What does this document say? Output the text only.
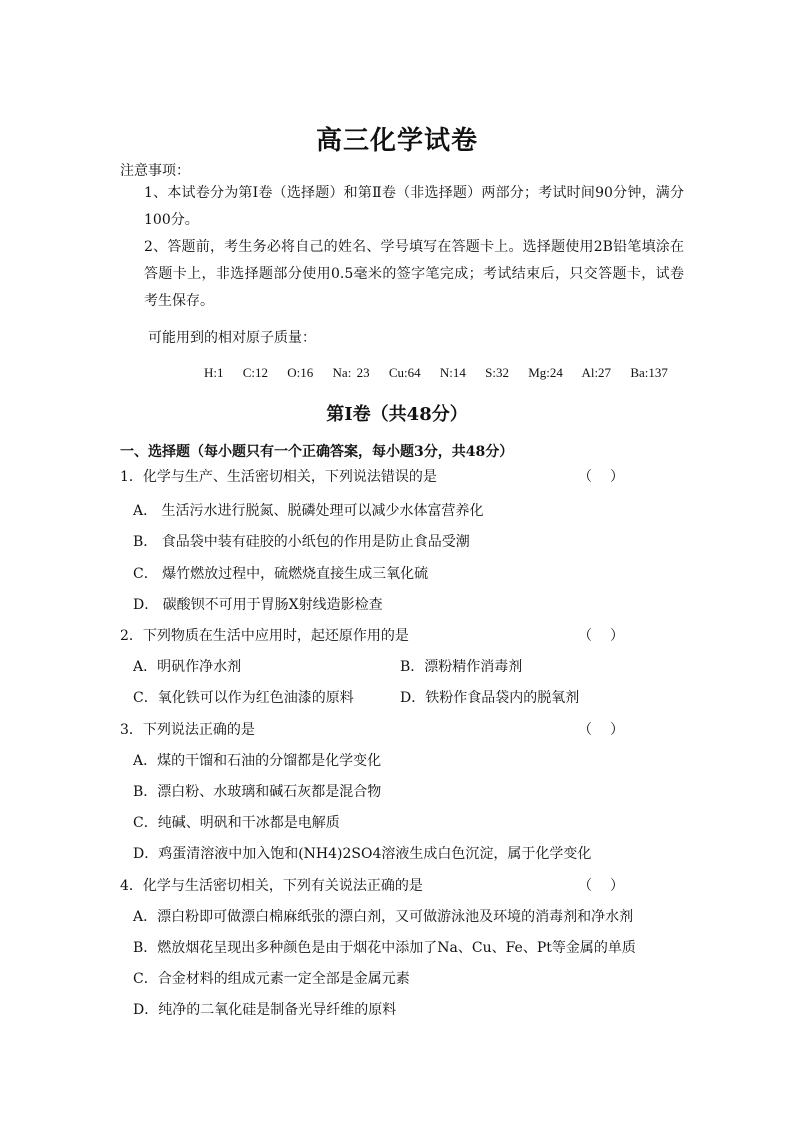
高三化学试卷
注意事项：
1、本试卷分为第Ⅰ卷（选择题）和第Ⅱ卷（非选择题）两部分；考试时间90分钟，满分100分。
2、答题前，考生务必将自己的姓名、学号填写在答题卡上。选择题使用2B铅笔填涂在答题卡上，非选择题部分使用0.5毫米的签字笔完成；考试结束后，只交答题卡，试卷考生保存。
可能用到的相对原子质量：
H:1 C:12 O:16 Na: 23 Cu:64 N:14 S:32 Mg:24 Al:27 Ba:137
第Ⅰ卷（共48分）
一、选择题（每小题只有一个正确答案，每小题3分，共48分）
1．化学与生产、生活密切相关，下列说法错误的是	（）
A． 生活污水进行脱氮、脱磷处理可以减少水体富营养化
B． 食品袋中装有硅胶的小纸包的作用是防止食品受潮
C． 爆竹燃放过程中，硫燃烧直接生成三氧化硫
D． 碳酸钡不可用于胃肠X射线造影检查
2．下列物质在生活中应用时，起还原作用的是	（）
A．明矾作净水剂	B．漂粉精作消毒剂
C．氧化铁可以作为红色油漆的原料	D．铁粉作食品袋内的脱氧剂
3．下列说法正确的是	（）
A．煤的干馏和石油的分馏都是化学变化
B．漂白粉、水玻璃和碱石灰都是混合物
C．纯碱、明矾和干冰都是电解质
D．鸡蛋清溶液中加入饱和(NH4)2SO4溶液生成白色沉淀，属于化学变化
4．化学与生活密切相关，下列有关说法正确的是	（）
A．漂白粉即可做漂白棉麻纸张的漂白剂，又可做游泳池及环境的消毒剂和净水剂
B．燃放烟花呈现出多种颜色是由于烟花中添加了Na、Cu、Fe、Pt等金属的单质
C．合金材料的组成元素一定全部是金属元素
D．纯净的二氧化硅是制备光导纤维的原料
